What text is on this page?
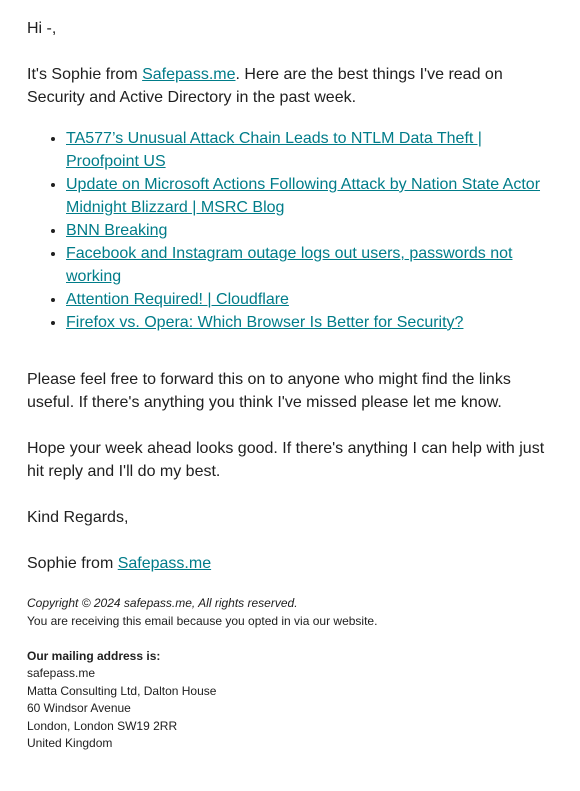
Hi -,

It's Sophie from Safepass.me. Here are the best things I've read on Security and Active Directory in the past week.

• TA577’s Unusual Attack Chain Leads to NTLM Data Theft | Proofpoint US
• Update on Microsoft Actions Following Attack by Nation State Actor Midnight Blizzard | MSRC Blog
• BNN Breaking
• Facebook and Instagram outage logs out users, passwords not working
• Attention Required! | Cloudflare
• Firefox vs. Opera: Which Browser Is Better for Security?

Please feel free to forward this on to anyone who might find the links useful. If there's anything you think I've missed please let me know.

Hope your week ahead looks good. If there's anything I can help with just hit reply and I'll do my best.

Kind Regards,

Sophie from Safepass.me

Copyright © 2024 safepass.me, All rights reserved.
You are receiving this email because you opted in via our website.
Our mailing address is:
safepass.me
Matta Consulting Ltd, Dalton House
60 Windsor Avenue
London, London SW19 2RR
United Kingdom
